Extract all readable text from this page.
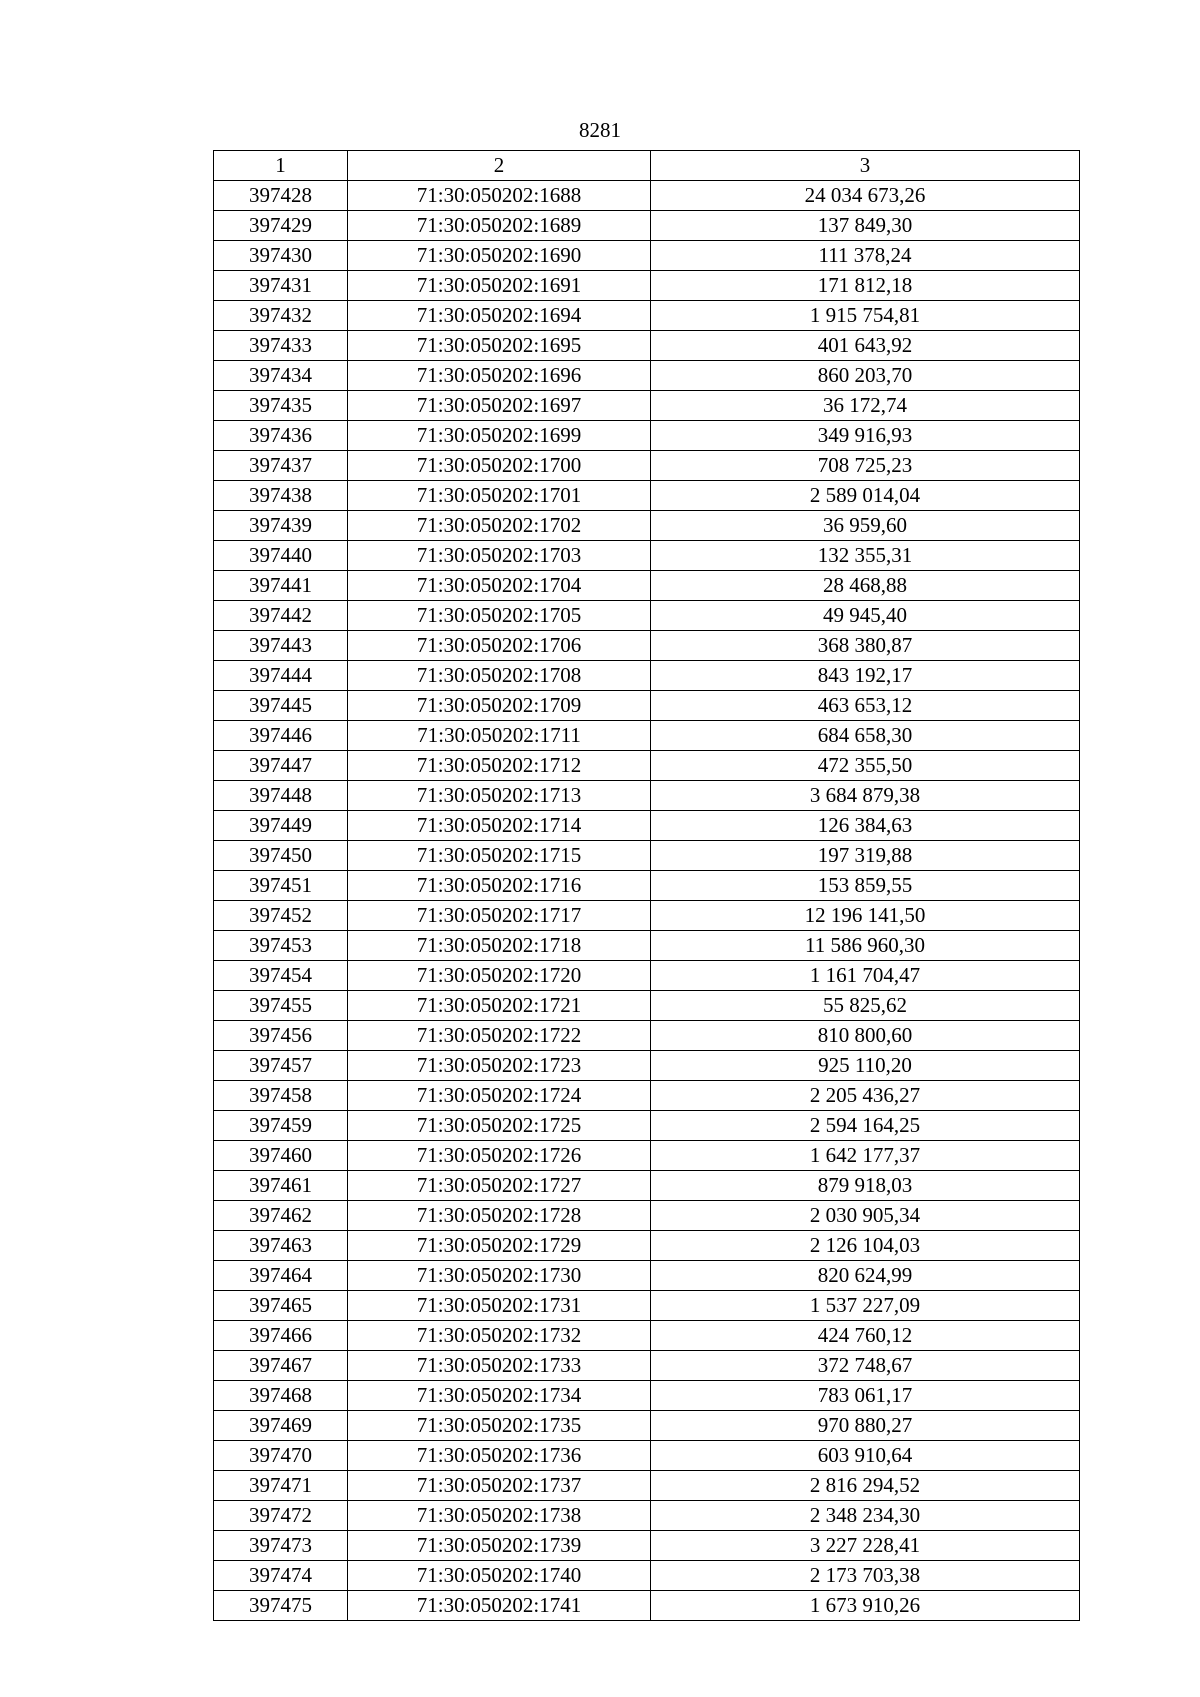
8281
1	2	3
397428	71:30:050202:1688	24 034 673,26
397429	71:30:050202:1689	137 849,30
397430	71:30:050202:1690	111 378,24
397431	71:30:050202:1691	171 812,18
397432	71:30:050202:1694	1 915 754,81
397433	71:30:050202:1695	401 643,92
397434	71:30:050202:1696	860 203,70
397435	71:30:050202:1697	36 172,74
397436	71:30:050202:1699	349 916,93
397437	71:30:050202:1700	708 725,23
397438	71:30:050202:1701	2 589 014,04
397439	71:30:050202:1702	36 959,60
397440	71:30:050202:1703	132 355,31
397441	71:30:050202:1704	28 468,88
397442	71:30:050202:1705	49 945,40
397443	71:30:050202:1706	368 380,87
397444	71:30:050202:1708	843 192,17
397445	71:30:050202:1709	463 653,12
397446	71:30:050202:1711	684 658,30
397447	71:30:050202:1712	472 355,50
397448	71:30:050202:1713	3 684 879,38
397449	71:30:050202:1714	126 384,63
397450	71:30:050202:1715	197 319,88
397451	71:30:050202:1716	153 859,55
397452	71:30:050202:1717	12 196 141,50
397453	71:30:050202:1718	11 586 960,30
397454	71:30:050202:1720	1 161 704,47
397455	71:30:050202:1721	55 825,62
397456	71:30:050202:1722	810 800,60
397457	71:30:050202:1723	925 110,20
397458	71:30:050202:1724	2 205 436,27
397459	71:30:050202:1725	2 594 164,25
397460	71:30:050202:1726	1 642 177,37
397461	71:30:050202:1727	879 918,03
397462	71:30:050202:1728	2 030 905,34
397463	71:30:050202:1729	2 126 104,03
397464	71:30:050202:1730	820 624,99
397465	71:30:050202:1731	1 537 227,09
397466	71:30:050202:1732	424 760,12
397467	71:30:050202:1733	372 748,67
397468	71:30:050202:1734	783 061,17
397469	71:30:050202:1735	970 880,27
397470	71:30:050202:1736	603 910,64
397471	71:30:050202:1737	2 816 294,52
397472	71:30:050202:1738	2 348 234,30
397473	71:30:050202:1739	3 227 228,41
397474	71:30:050202:1740	2 173 703,38
397475	71:30:050202:1741	1 673 910,26
